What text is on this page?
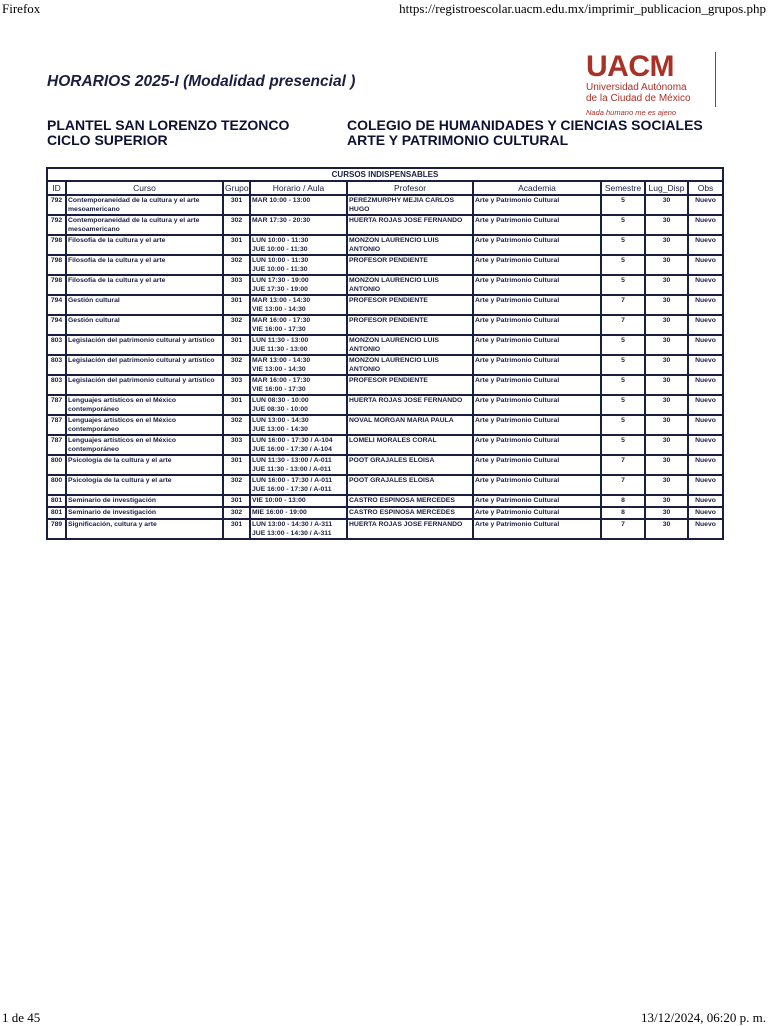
Firefox	https://registroescolar.uacm.edu.mx/imprimir_publicacion_grupos.php
HORARIOS 2025-I (Modalidad presencial )	UACM
Universidad Autónoma
de la Ciudad de México
Nada humano me es ajeno
PLANTEL SAN LORENZO TEZONCO
CICLO SUPERIOR
COLEGIO DE HUMANIDADES Y CIENCIAS SOCIALES
ARTE Y PATRIMONIO CULTURAL
CURSOS INDISPENSABLES								
ID	Curso	Grupo	Horario / Aula	Profesor	Academia	Semestre	Lug_Disp	Obs
792	Contemporaneidad de la cultura y el arte mesoamericano	301	MAR 10:00 - 13:00	PEREZMURPHY MEJIA CARLOS HUGO	Arte y Patrimonio Cultural	5	30	Nuevo
792	Contemporaneidad de la cultura y el arte mesoamericano	302	MAR 17:30 - 20:30	HUERTA ROJAS JOSE FERNANDO	Arte y Patrimonio Cultural	5	30	Nuevo
798	Filosofía de la cultura y el arte	301	LUN 10:00 - 11:30
JUE 10:00 - 11:30	MONZON LAURENCIO LUIS ANTONIO	Arte y Patrimonio Cultural	5	30	Nuevo
798	Filosofía de la cultura y el arte	302	LUN 10:00 - 11:30
JUE 10:00 - 11:30	PROFESOR PENDIENTE	Arte y Patrimonio Cultural	5	30	Nuevo
798	Filosofía de la cultura y el arte	303	LUN 17:30 - 19:00
JUE 17:30 - 19:00	MONZON LAURENCIO LUIS ANTONIO	Arte y Patrimonio Cultural	5	30	Nuevo
794	Gestión cultural	301	MAR 13:00 - 14:30
VIE 13:00 - 14:30	PROFESOR PENDIENTE	Arte y Patrimonio Cultural	7	30	Nuevo
794	Gestión cultural	302	MAR 16:00 - 17:30
VIE 16:00 - 17:30	PROFESOR PENDIENTE	Arte y Patrimonio Cultural	7	30	Nuevo
803	Legislación del patrimonio cultural y artístico	301	LUN 11:30 - 13:00
JUE 11:30 - 13:00	MONZON LAURENCIO LUIS ANTONIO	Arte y Patrimonio Cultural	5	30	Nuevo
803	Legislación del patrimonio cultural y artístico	302	MAR 13:00 - 14:30
VIE 13:00 - 14:30	MONZON LAURENCIO LUIS ANTONIO	Arte y Patrimonio Cultural	5	30	Nuevo
803	Legislación del patrimonio cultural y artístico	303	MAR 16:00 - 17:30
VIE 16:00 - 17:30	PROFESOR PENDIENTE	Arte y Patrimonio Cultural	5	30	Nuevo
787	Lenguajes artísticos en el México contemporáneo	301	LUN 08:30 - 10:00
JUE 08:30 - 10:00	HUERTA ROJAS JOSE FERNANDO	Arte y Patrimonio Cultural	5	30	Nuevo
787	Lenguajes artísticos en el México contemporáneo	302	LUN 13:00 - 14:30
JUE 13:00 - 14:30	NOVAL MORGAN MARIA PAULA	Arte y Patrimonio Cultural	5	30	Nuevo
787	Lenguajes artísticos en el México contemporáneo	303	LUN 16:00 - 17:30 / A-104
JUE 16:00 - 17:30 / A-104	LOMELI MORALES CORAL	Arte y Patrimonio Cultural	5	30	Nuevo
800	Psicología de la cultura y el arte	301	LUN 11:30 - 13:00 / A-011
JUE 11:30 - 13:00 / A-011	POOT GRAJALES ELOISA	Arte y Patrimonio Cultural	7	30	Nuevo
800	Psicología de la cultura y el arte	302	LUN 16:00 - 17:30 / A-011
JUE 16:00 - 17:30 / A-011	POOT GRAJALES ELOISA	Arte y Patrimonio Cultural	7	30	Nuevo
801	Seminario de investigación	301	VIE 10:00 - 13:00	CASTRO ESPINOSA MERCEDES	Arte y Patrimonio Cultural	8	30	Nuevo
801	Seminario de investigación	302	MIE 16:00 - 19:00	CASTRO ESPINOSA MERCEDES	Arte y Patrimonio Cultural	8	30	Nuevo
789	Significación, cultura y arte	301	LUN 13:00 - 14:30 / A-311
JUE 13:00 - 14:30 / A-311	HUERTA ROJAS JOSE FERNANDO	Arte y Patrimonio Cultural	7	30	Nuevo
1 de 45	13/12/2024, 06:20 p. m.
